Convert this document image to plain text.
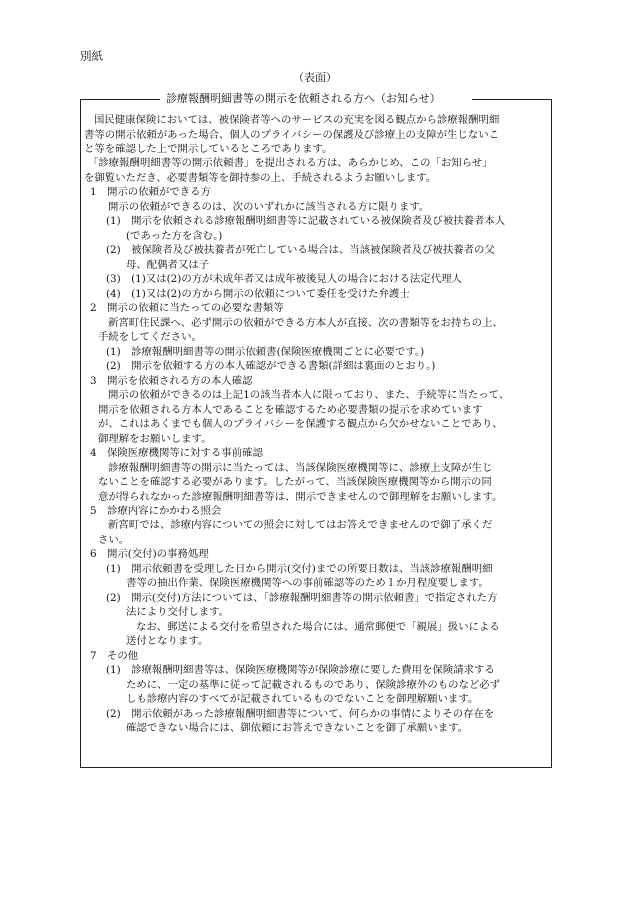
別紙
（表面）
診療報酬明細書等の開示を依頼される方へ（お知らせ）
国民健康保険においては、被保険者等へのサービスの充実を図る観点から診療報酬明細
書等の開示依頼があった場合、個人のプライバシーの保護及び診療上の支障が生じないこ
と等を確認した上で開示しているところであります。
「診療報酬明細書等の開示依頼書」を提出される方は、あらかじめ、この「お知らせ」
を御覧いただき、必要書類等を御持参の上、手続されるようお願いします。
1　開示の依頼ができる方
開示の依頼ができるのは、次のいずれかに該当される方に限ります。
(1)　開示を依頼される診療報酬明細書等に記載されている被保険者及び被扶養者本人
(であった方を含む。)
(2)　被保険者及び被扶養者が死亡している場合は、当該被保険者及び被扶養者の父
母、配偶者又は子
(3)　(1)又は(2)の方が未成年者又は成年被後見人の場合における法定代理人
(4)　(1)又は(2)の方から開示の依頼について委任を受けた弁護士
2　開示の依頼に当たっての必要な書類等
新宮町住民課へ、必ず開示の依頼ができる方本人が直接、次の書類等をお持ちの上、
手続をしてください。
(1)　診療報酬明細書等の開示依頼書(保険医療機関ごとに必要です。)
(2)　開示を依頼する方の本人確認ができる書類(詳細は裏面のとおり。)
3　開示を依頼される方の本人確認
開示の依頼ができるのは上記1の該当者本人に限っており、また、手続等に当たって、
開示を依頼される方本人であることを確認するため必要書類の提示を求めています
が、これはあくまでも個人のプライバシーを保護する観点から欠かせないことであり、
御理解をお願いします。
4　保険医療機関等に対する事前確認
診療報酬明細書等の開示に当たっては、当該保険医療機関等に、診療上支障が生じ
ないことを確認する必要があります。したがって、当該保険医療機関等から開示の同
意が得られなかった診療報酬明細書等は、開示できませんので御理解をお願いします。
5　診療内容にかかわる照会
新宮町では、診療内容についての照会に対してはお答えできませんので御了承くだ
さい。
6　開示(交付)の事務処理
(1)　開示依頼書を受理した日から開示(交付)までの所要日数は、当該診療報酬明細
書等の抽出作業、保険医療機関等への事前確認等のため１か月程度要します。
(2)　開示(交付)方法については、「診療報酬明細書等の開示依頼書」で指定された方
法により交付します。
なお、郵送による交付を希望された場合には、通常郵便で「親展」扱いによる
送付となります。
7　その他
(1)　診療報酬明細書等は、保険医療機関等が保険診療に要した費用を保険請求する
ために、一定の基準に従って記載されるものであり、保険診療外のものなど必ず
しも診療内容のすべてが記載されているものでないことを御理解願います。
(2)　開示依頼があった診療報酬明細書等について、何らかの事情によりその存在を
確認できない場合には、御依頼にお答えできないことを御了承願います。
